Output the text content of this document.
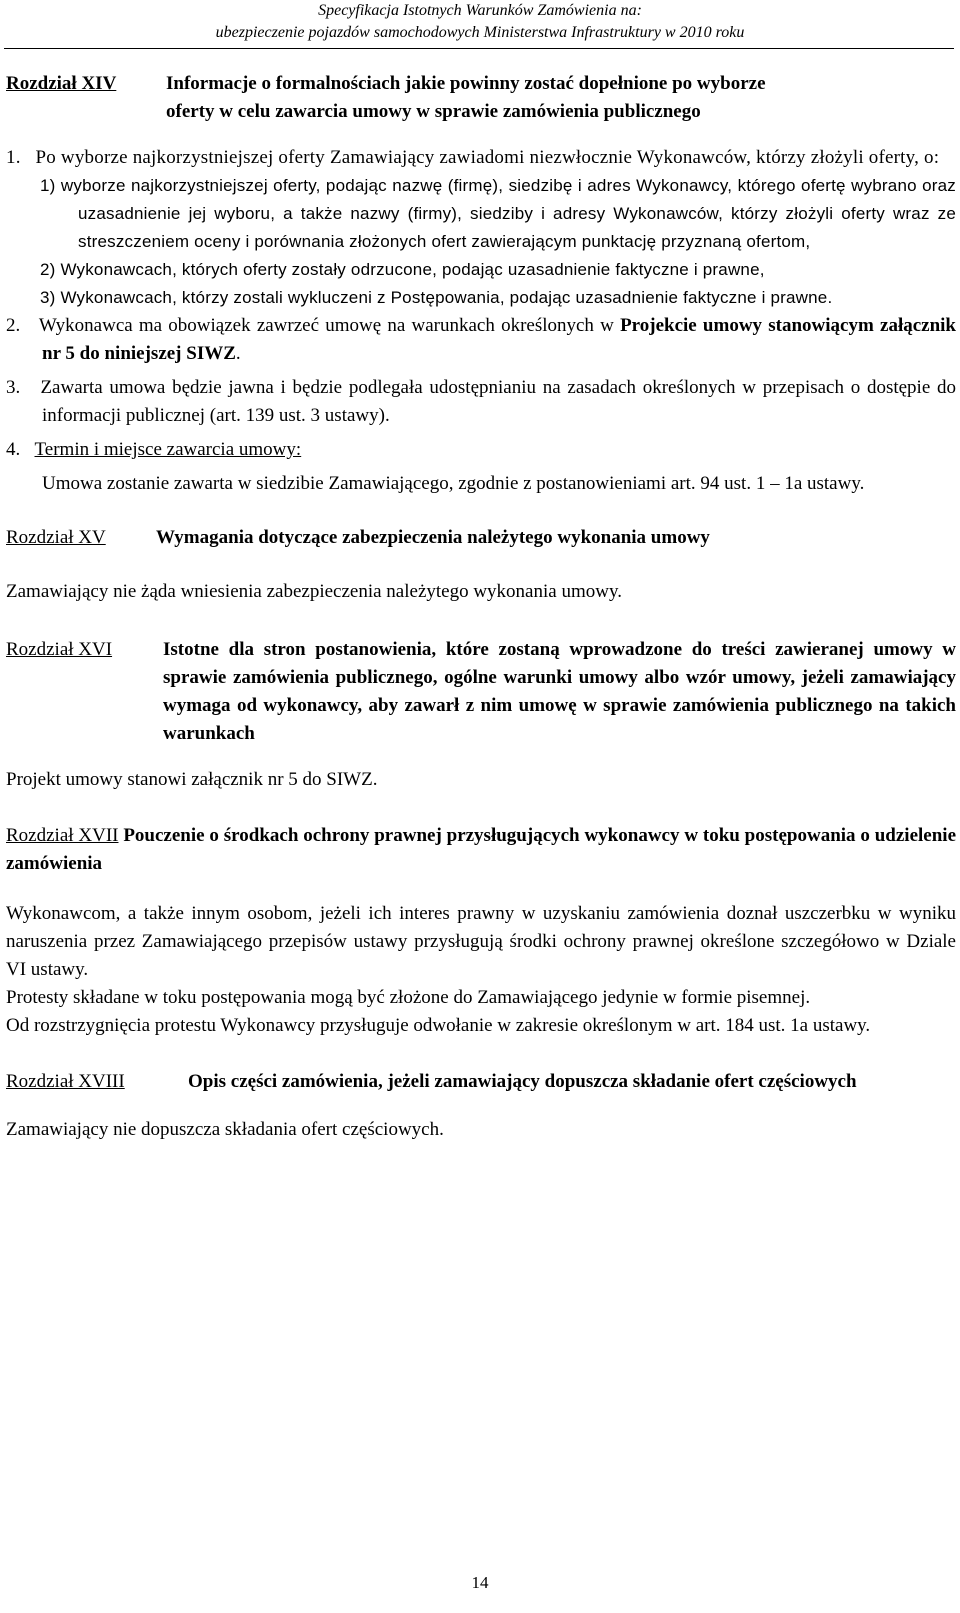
Specyfikacja Istotnych Warunków Zamówienia na:
ubezpieczenie pojazdów samochodowych Ministerstwa Infrastruktury w 2010 roku
Rozdział XIV	Informacje o formalnościach jakie powinny zostać dopełnione po wyborze oferty w celu zawarcia umowy w sprawie zamówienia publicznego

1. Po wyborze najkorzystniejszej oferty Zamawiający zawiadomi niezwłocznie Wykonawców, którzy złożyli oferty, o:

1) wyborze najkorzystniejszej oferty, podając nazwę (firmę), siedzibę i adres Wykonawcy, którego ofertę wybrano oraz uzasadnienie jej wyboru, a także nazwy (firmy), siedziby i adresy Wykonawców, którzy złożyli oferty wraz ze streszczeniem oceny i porównania złożonych ofert zawierającym punktację przyznaną ofertom,

2) Wykonawcach, których oferty zostały odrzucone, podając uzasadnienie faktyczne i prawne,

3) Wykonawcach, którzy zostali wykluczeni z Postępowania, podając uzasadnienie faktyczne i prawne.

2. Wykonawca ma obowiązek zawrzeć umowę na warunkach określonych w Projekcie umowy stanowiącym załącznik nr 5 do niniejszej SIWZ.

3. Zawarta umowa będzie jawna i będzie podlegała udostępnianiu na zasadach określonych w przepisach o dostępie do informacji publicznej (art. 139 ust. 3 ustawy).

4. Termin i miejsce zawarcia umowy:

Umowa zostanie zawarta w siedzibie Zamawiającego, zgodnie z postanowieniami art. 94 ust. 1 – 1a ustawy.

Rozdział XV	Wymagania dotyczące zabezpieczenia należytego wykonania umowy

Zamawiający nie żąda wniesienia zabezpieczenia należytego wykonania umowy.

Rozdział XVI	Istotne dla stron postanowienia, które zostaną wprowadzone do treści zawieranej umowy w sprawie zamówienia publicznego, ogólne warunki umowy albo wzór umowy, jeżeli zamawiający wymaga od wykonawcy, aby zawarł z nim umowę w sprawie zamówienia publicznego na takich warunkach

Projekt umowy stanowi załącznik nr 5 do SIWZ.

Rozdział XVII Pouczenie o środkach ochrony prawnej przysługujących wykonawcy w toku postępowania o udzielenie zamówienia

Wykonawcom, a także innym osobom, jeżeli ich interes prawny w uzyskaniu zamówienia doznał uszczerbku w wyniku naruszenia przez Zamawiającego przepisów ustawy przysługują środki ochrony prawnej określone szczegółowo w Dziale VI ustawy.

Protesty składane w toku postępowania mogą być złożone do Zamawiającego jedynie w formie pisemnej.

Od rozstrzygnięcia protestu Wykonawcy przysługuje odwołanie w zakresie określonym w art. 184 ust. 1a ustawy.

Rozdział XVIII	Opis części zamówienia, jeżeli zamawiający dopuszcza składanie ofert częściowych

Zamawiający nie dopuszcza składania ofert częściowych.

14
